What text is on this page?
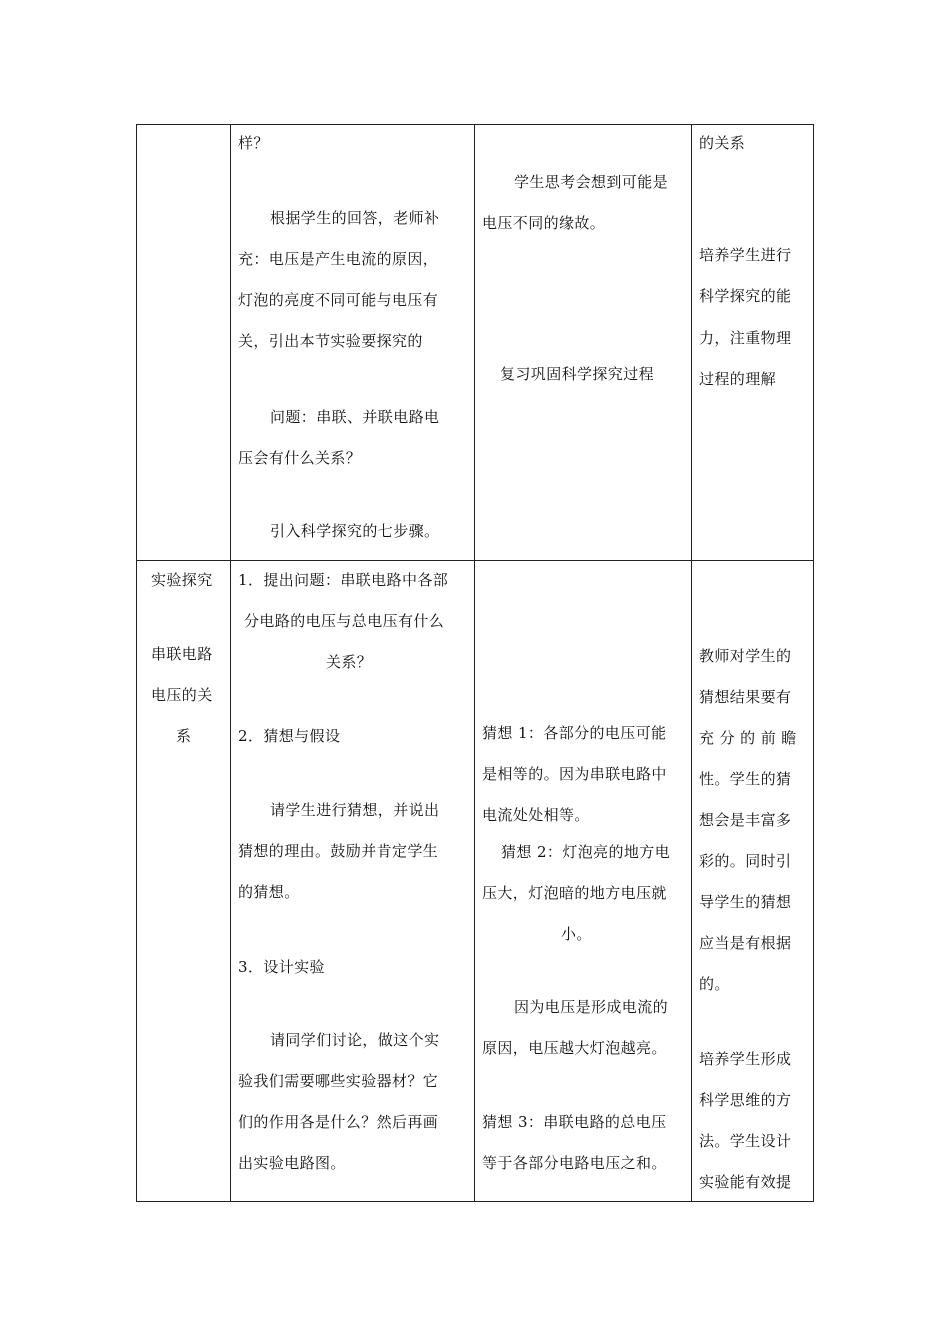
样？
根据学生的回答，老师补
充：电压是产生电流的原因，
灯泡的亮度不同可能与电压有
关，引出本节实验要探究的
问题：串联、并联电路电
压会有什么关系？
引入科学探究的七步骤。
学生思考会想到可能是
电压不同的缘故。
复习巩固科学探究过程
的关系
培养学生进行
科学探究的能
力，注重物理
过程的理解
实验探究
串联电路
电压的关
系
1．提出问题：串联电路中各部
分电路的电压与总电压有什么
关系？
2．猜想与假设
请学生进行猜想，并说出
猜想的理由。鼓励并肯定学生
的猜想。
3．设计实验
请同学们讨论，做这个实
验我们需要哪些实验器材？它
们的作用各是什么？然后再画
出实验电路图。
猜想 1：各部分的电压可能
是相等的。因为串联电路中
电流处处相等。
猜想 2：灯泡亮的地方电
压大，灯泡暗的地方电压就
小。
因为电压是形成电流的
原因，电压越大灯泡越亮。
猜想 3：串联电路的总电压
等于各部分电路电压之和。
教师对学生的
猜想结果要有
充 分 的 前 瞻
性。学生的猜
想会是丰富多
彩的。同时引
导学生的猜想
应当是有根据
的。
培养学生形成
科学思维的方
法。学生设计
实验能有效提
